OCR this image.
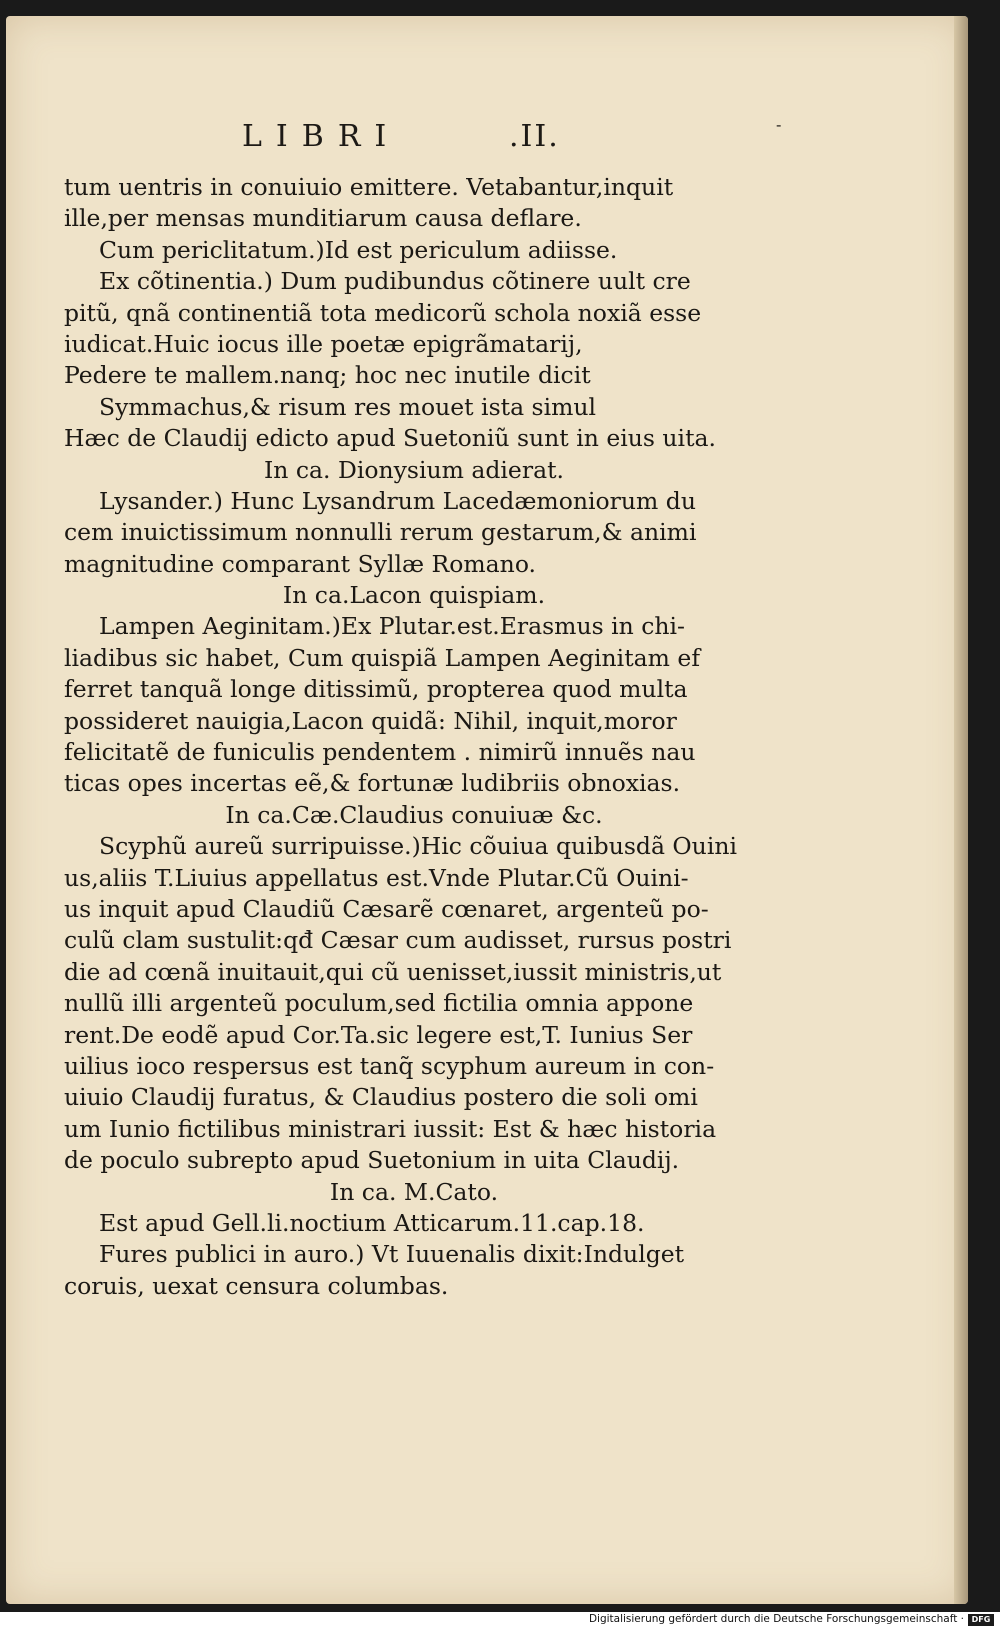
LIBRI	.II.	-
tum uentris in conuiuio emittere. Vetabantur,inquit
ille,per mensas munditiarum causa deflare.
Cum periclitatum.)Id est periculum adiisse.
Ex cõtinentia.) Dum pudibundus cõtinere uult cre
pitũ, qnã continentiã tota medicorũ schola noxiã esse
iudicat.Huic iocus ille poetæ epigrãmatarij,
Pedere te mallem.nanq; hoc nec inutile dicit
Symmachus,& risum res mouet ista simul
Hæc de Claudij edicto apud Suetoniũ sunt in eius uita.
In ca. Dionysium adierat.
Lysander.) Hunc Lysandrum Lacedæmoniorum du
cem inuictissimum nonnulli rerum gestarum,& animi
magnitudine comparant Syllæ Romano.
In ca.Lacon quispiam.
Lampen Aeginitam.)Ex Plutar.est.Erasmus in chi-
liadibus sic habet, Cum quispiã Lampen Aeginitam ef
ferret tanquã longe ditissimũ, propterea quod multa
possideret nauigia,Lacon quidã: Nihil, inquit,moror
felicitatẽ de funiculis pendentem . nimirũ innuẽs nau
ticas opes incertas eẽ,& fortunæ ludibriis obnoxias.
In ca.Cæ.Claudius conuiuæ &c.
Scyphũ aureũ surripuisse.)Hic cõuiua quibusdã Ouini
us,aliis T.Liuius appellatus est.Vnde Plutar.Cũ Ouini-
us inquit apud Claudiũ Cæsarẽ cœnaret, argenteũ po-
culũ clam sustulit:qđ Cæsar cum audisset, rursus postri
die ad cœnã inuitauit,qui cũ uenisset,iussit ministris,ut
nullũ illi argenteũ poculum,sed fictilia omnia appone
rent.De eodẽ apud Cor.Ta.sic legere est,T. Iunius Ser
uilius ioco respersus est tanq̃ scyphum aureum in con-
uiuio Claudij furatus, & Claudius postero die soli omi
um Iunio fictilibus ministrari iussit: Est & hæc historia
de poculo subrepto apud Suetonium in uita Claudij.
In ca. M.Cato.
Est apud Gell.li.noctium Atticarum.11.cap.18.
Fures publici in auro.) Vt Iuuenalis dixit:Indulget
coruis, uexat censura columbas.
Digitalisierung gefördert durch die Deutsche Forschungsgemeinschaft · DFG
